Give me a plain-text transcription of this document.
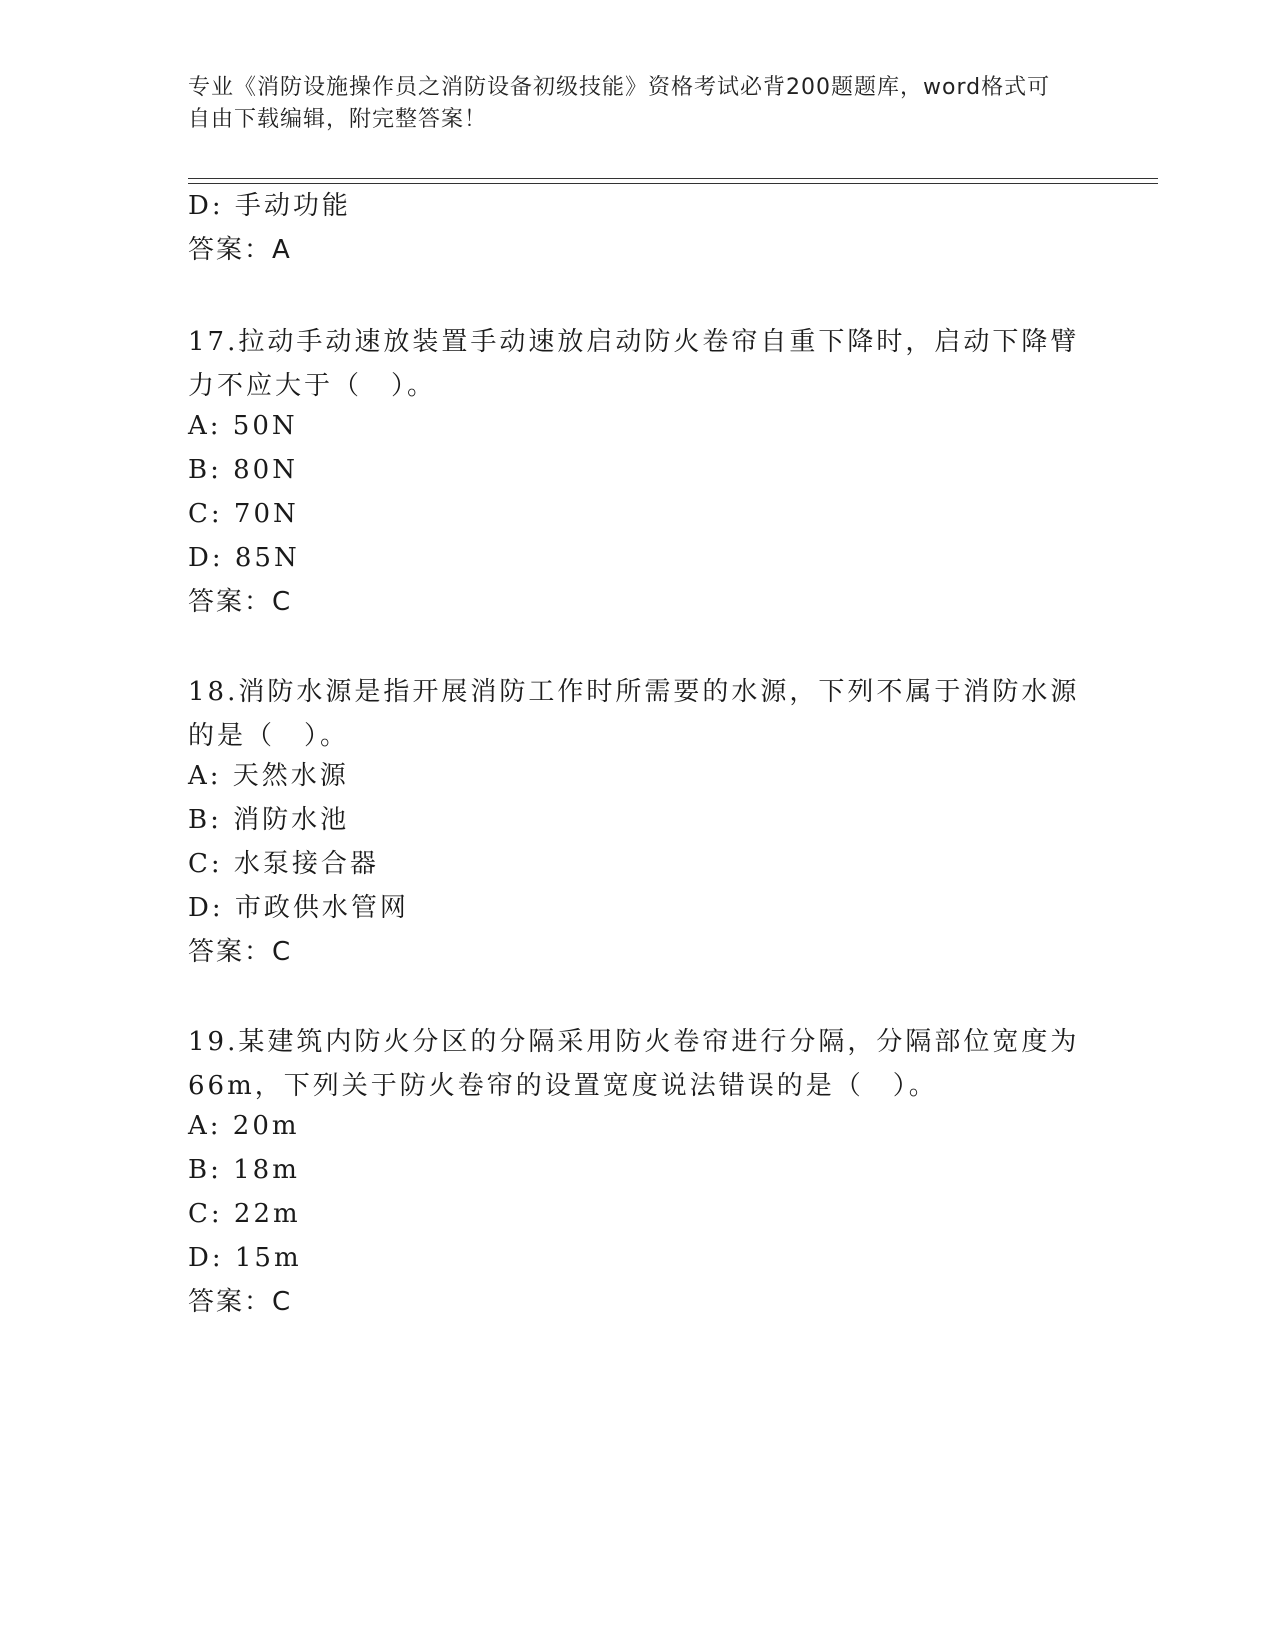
专业《消防设施操作员之消防设备初级技能》资格考试必背200题题库，word格式可自由下载编辑，附完整答案！
D: 手动功能
答案：A
17.拉动手动速放装置手动速放启动防火卷帘自重下降时，启动下降臂力不应大于（　）。
A: 50N
B: 80N
C: 70N
D: 85N
答案：C
18.消防水源是指开展消防工作时所需要的水源，下列不属于消防水源的是（　）。
A: 天然水源
B: 消防水池
C: 水泵接合器
D: 市政供水管网
答案：C
19.某建筑内防火分区的分隔采用防火卷帘进行分隔，分隔部位宽度为66m，下列关于防火卷帘的设置宽度说法错误的是（　）。
A: 20m
B: 18m
C: 22m
D: 15m
答案：C
